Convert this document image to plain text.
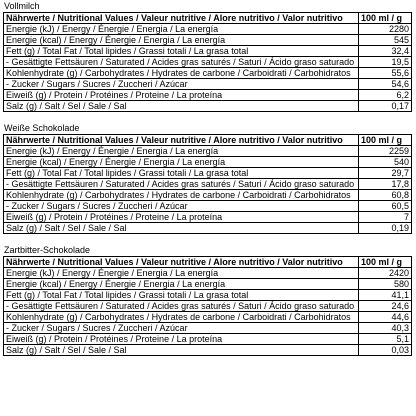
Vollmilch
Nährwerte / Nutritional Values / Valeur nutritive / Alore nutritivo / Valor nutritivo	100 ml / g
Energie (kJ) / Energy / Énergie / Energia / La energía	2280
Energie (kcal) / Energy / Énergie / Energia / La energía	545
Fett (g) / Total Fat / Total lipides / Grassi totali / La grasa total	32,4
- Gesättigte Fettsäuren / Saturated / Acides gras saturés / Saturi / Ácido graso saturado	19,5
Kohlenhydrate (g) / Carbohydrates / Hydrates de carbone / Carboidrati / Carbohidratos	55,6
- Zucker / Sugars / Sucres / Zuccheri / Azúcar	54,6
Eiweiß (g) / Protein / Protéines / Proteine / La proteína	6,2
Salz (g) / Salt / Sel / Sale / Sal	0,17
Weiße Schokolade
Nährwerte / Nutritional Values / Valeur nutritive / Alore nutritivo / Valor nutritivo	100 ml / g
Energie (kJ) / Energy / Énergie / Energia / La energía	2259
Energie (kcal) / Energy / Énergie / Energia / La energía	540
Fett (g) / Total Fat / Total lipides / Grassi totali / La grasa total	29,7
- Gesättigte Fettsäuren / Saturated / Acides gras saturés / Saturi / Ácido graso saturado	17,8
Kohlenhydrate (g) / Carbohydrates / Hydrates de carbone / Carboidrati / Carbohidratos	60,8
- Zucker / Sugars / Sucres / Zuccheri / Azúcar	60,5
Eiweiß (g) / Protein / Protéines / Proteine / La proteína	7
Salz (g) / Salt / Sel / Sale / Sal	0,19
Zartbitter-Schokolade
Nährwerte / Nutritional Values / Valeur nutritive / Alore nutritivo / Valor nutritivo	100 ml / g
Energie (kJ) / Energy / Énergie / Energia / La energía	2420
Energie (kcal) / Energy / Énergie / Energia / La energía	580
Fett (g) / Total Fat / Total lipides / Grassi totali / La grasa total	41,1
- Gesättigte Fettsäuren / Saturated / Acides gras saturés / Saturi / Ácido graso saturado	24,6
Kohlenhydrate (g) / Carbohydrates / Hydrates de carbone / Carboidrati / Carbohidratos	44,6
- Zucker / Sugars / Sucres / Zuccheri / Azúcar	40,3
Eiweiß (g) / Protein / Protéines / Proteine / La proteína	5,1
Salz (g) / Salt / Sel / Sale / Sal	0,03
